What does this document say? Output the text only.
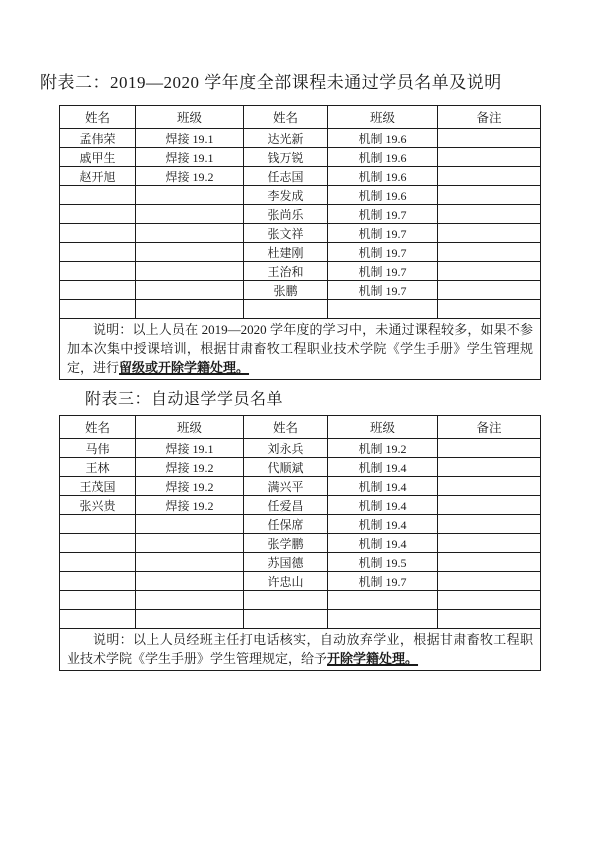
附表二：2019—2020 学年度全部课程未通过学员名单及说明
姓名	班级	姓名	班级	备注
孟伟荣	焊接 19.1	达光新	机制 19.6	
戚甲生	焊接 19.1	钱万锐	机制 19.6	
赵开旭	焊接 19.2	任志国	机制 19.6	
		李发成	机制 19.6	
		张尚乐	机制 19.7	
		张文祥	机制 19.7	
		杜建刚	机制 19.7	
		王治和	机制 19.7	
		张鹏	机制 19.7	

说明：以上人员在 2019—2020 学年度的学习中，未通过课程较多，如果不参加本次集中授课培训，根据甘肃畜牧工程职业技术学院《学生手册》学生管理规定，进行留级或开除学籍处理。				
附表三：自动退学学员名单
姓名	班级	姓名	班级	备注
马伟	焊接 19.1	刘永兵	机制 19.2	
王林	焊接 19.2	代顺斌	机制 19.4	
王茂国	焊接 19.2	满兴平	机制 19.4	
张兴贵	焊接 19.2	任爱昌	机制 19.4	
		任保席	机制 19.4	
		张学鹏	机制 19.4	
		苏国德	机制 19.5	
		许忠山	机制 19.7	

说明：以上人员经班主任打电话核实，自动放弃学业，根据甘肃畜牧工程职业技术学院《学生手册》学生管理规定，给予开除学籍处理。				
